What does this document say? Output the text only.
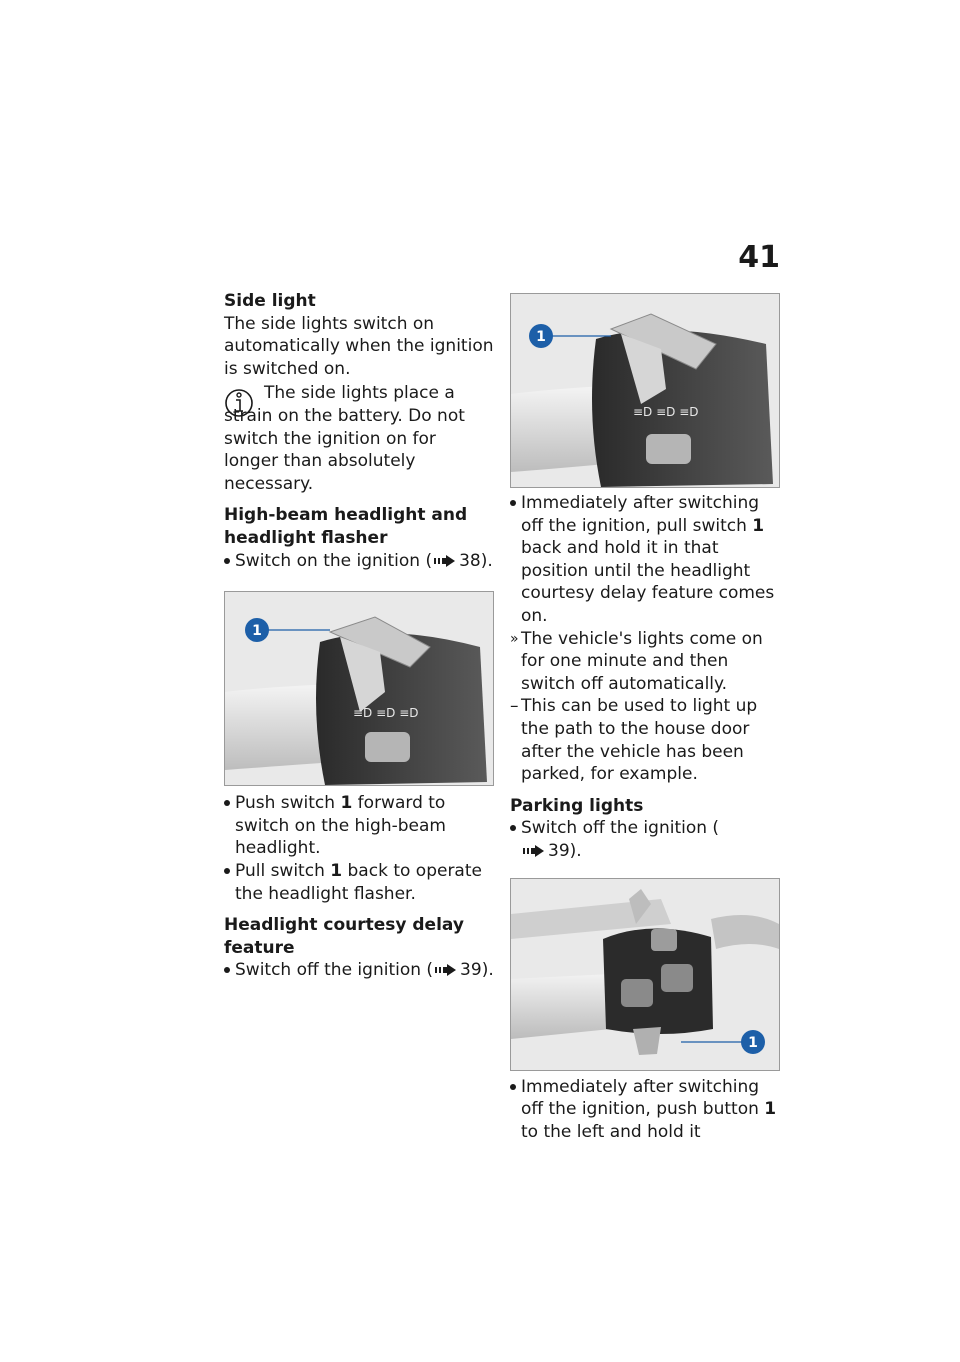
41
Side light

The side lights switch on automatically when the ignition is switched on.

The side lights place a strain on the battery. Do not switch the ignition on for longer than absolutely necessary.

High-beam headlight and headlight flasher
Switch on the ignition ( 38).
≡D ≡D ≡D
1
Push switch 1 forward to switch on the high-beam headlight.
Pull switch 1 back to operate the headlight flasher.
Headlight courtesy delay feature
Switch off the ignition ( 39).
≡D ≡D ≡D
1
Immediately after switching off the ignition, pull switch 1 back and hold it in that position until the headlight courtesy delay feature comes on.
» The vehicle's lights come on for one minute and then switch off automatically.
– This can be used to light up the path to the house door after the vehicle has been parked, for example.
Parking lights
Switch off the ignition (
39).
1
Immediately after switching off the ignition, push button 1 to the left and hold it
